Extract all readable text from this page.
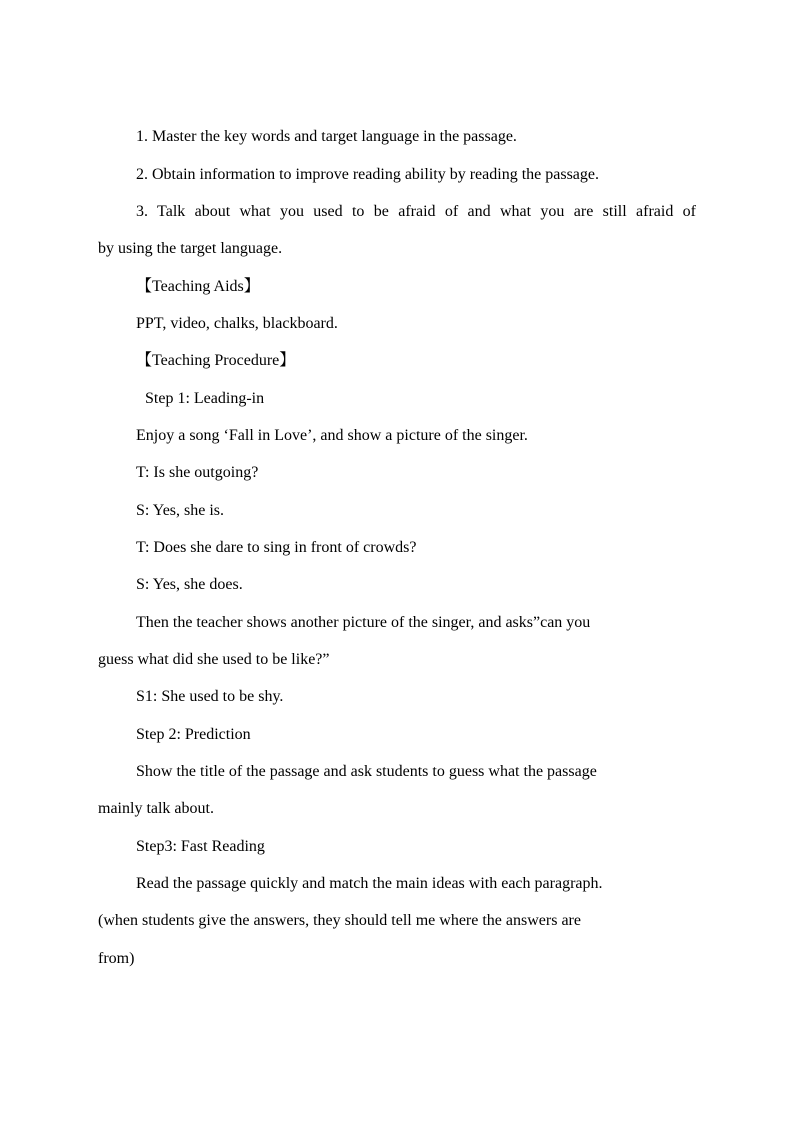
1. Master the key words and target language in the passage.
2. Obtain information to improve reading ability by reading the passage.
3. Talk about what you used to be afraid of and what you are still afraid of
by using the target language.
【Teaching Aids】
PPT, video, chalks, blackboard.
【Teaching Procedure】
Step 1: Leading-in
Enjoy a song ‘Fall in Love’, and show a picture of the singer.
T: Is she outgoing?
S: Yes, she is.
T: Does she dare to sing in front of crowds?
S: Yes, she does.
Then the teacher shows another picture of the singer, and asks”can you
guess what did she used to be like?”
S1: She used to be shy.
Step 2: Prediction
Show the title of the passage and ask students to guess what the passage
mainly talk about.
Step3: Fast Reading
Read the passage quickly and match the main ideas with each paragraph.
(when students give the answers, they should tell me where the answers are
from)
